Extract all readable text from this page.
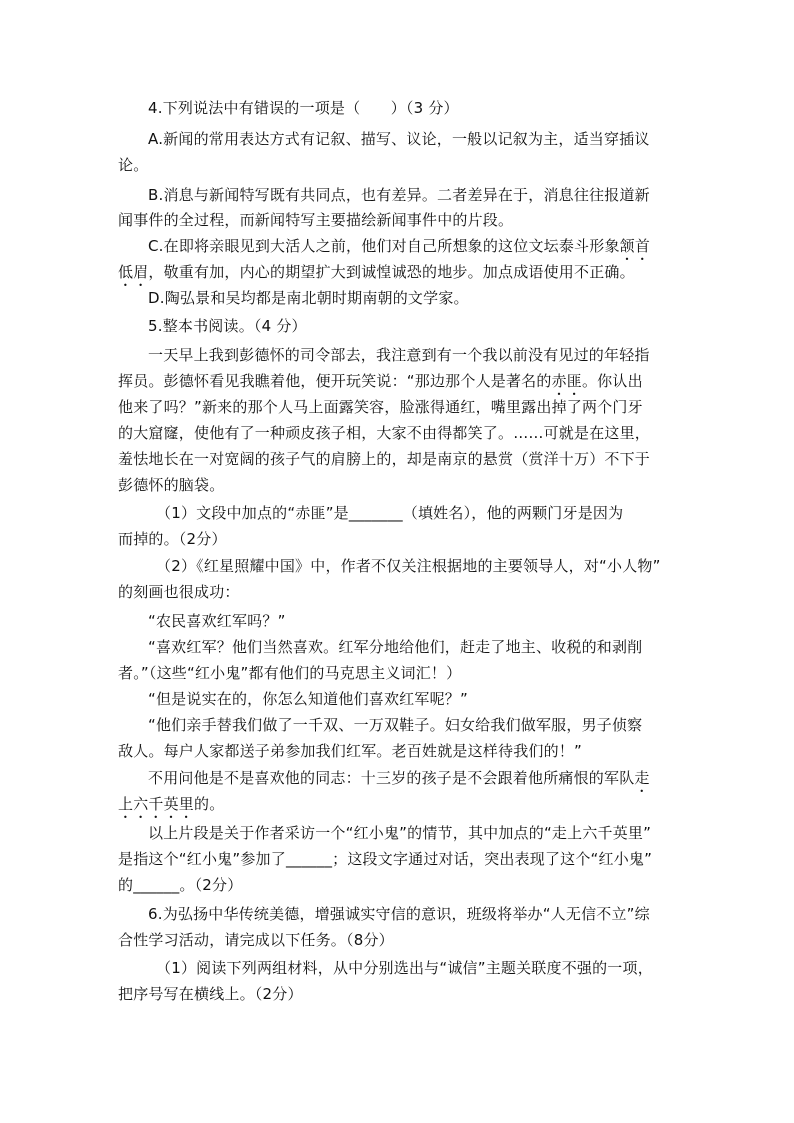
4.下列说法中有错误的一项是（　　）（3 分）
A.新闻的常用表达方式有记叙、描写、议论，一般以记叙为主，适当穿插议
论。
B.消息与新闻特写既有共同点，也有差异。二者差异在于，消息往往报道新
闻事件的全过程，而新闻特写主要描绘新闻事件中的片段。
C.在即将亲眼见到大活人之前，他们对自己所想象的这位文坛泰斗形象颔首
低眉，敬重有加，内心的期望扩大到诚惶诚恐的地步。加点成语使用不正确。
D.陶弘景和吴均都是南北朝时期南朝的文学家。
5.整本书阅读。（4 分）
一天早上我到彭德怀的司令部去，我注意到有一个我以前没有见过的年轻指
挥员。彭德怀看见我瞧着他，便开玩笑说：“那边那个人是著名的赤匪。你认出
他来了吗？”新来的那个人马上面露笑容，脸涨得通红，嘴里露出掉了两个门牙
的大窟窿，使他有了一种顽皮孩子相，大家不由得都笑了。……可就是在这里，
羞怯地长在一对宽阔的孩子气的肩膀上的，却是南京的悬赏（赏洋十万）不下于
彭德怀的脑袋。
（1）文段中加点的“赤匪”是_______（填姓名），他的两颗门牙是因为
而掉的。（2分）
（2）《红星照耀中国》中，作者不仅关注根据地的主要领导人，对“小人物”
的刻画也很成功：
“农民喜欢红军吗？”
“喜欢红军？他们当然喜欢。红军分地给他们，赶走了地主、收税的和剥削
者。”（这些“红小鬼”都有他们的马克思主义词汇！）
“但是说实在的，你怎么知道他们喜欢红军呢？”
“他们亲手替我们做了一千双、一万双鞋子。妇女给我们做军服，男子侦察
敌人。每户人家都送子弟参加我们红军。老百姓就是这样待我们的！”
不用问他是不是喜欢他的同志：十三岁的孩子是不会跟着他所痛恨的军队走
上六千英里的。
以上片段是关于作者采访一个“红小鬼”的情节，其中加点的“走上六千英里”
是指这个“红小鬼”参加了______；这段文字通过对话，突出表现了这个“红小鬼”
的______。（2分）
6.为弘扬中华传统美德，增强诚实守信的意识，班级将举办“人无信不立”综
合性学习活动，请完成以下任务。（8分）
（1）阅读下列两组材料，从中分别选出与“诚信”主题关联度不强的一项，
把序号写在横线上。（2分）
